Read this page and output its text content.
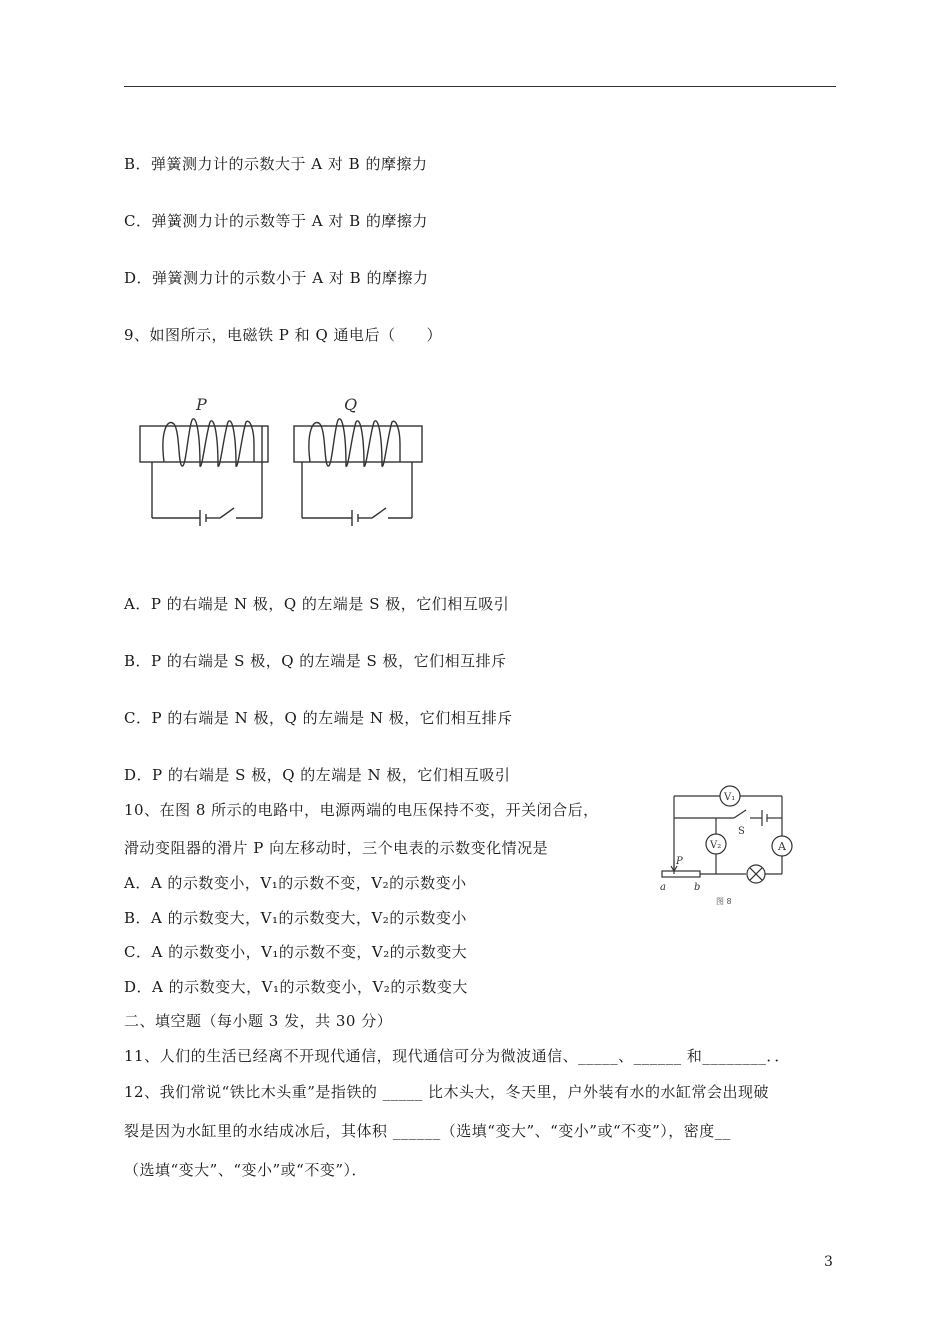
B．弹簧测力计的示数大于 A 对 B 的摩擦力
C．弹簧测力计的示数等于 A 对 B 的摩擦力
D．弹簧测力计的示数小于 A 对 B 的摩擦力
9、如图所示，电磁铁 P 和 Q 通电后（　　）
P	Q
A．P 的右端是 N 极，Q 的左端是 S 极，它们相互吸引
B．P 的右端是 S 极，Q 的左端是 S 极，它们相互排斥
C．P 的右端是 N 极，Q 的左端是 N 极，它们相互排斥
D．P 的右端是 S 极，Q 的左端是 N 极，它们相互吸引
10、在图 8 所示的电路中，电源两端的电压保持不变，开关闭合后，
滑动变阻器的滑片 P 向左移动时，三个电表的示数变化情况是
V₁
V₂	A
S
P
a	b
图 8
A．A 的示数变小，V₁的示数不变，V₂的示数变小
B．A 的示数变大，V₁的示数变大，V₂的示数变小
C．A 的示数变小，V₁的示数不变，V₂的示数变大
D．A 的示数变大，V₁的示数变小，V₂的示数变大
二、填空题（每小题 3 发，共 30 分）
11、人们的生活已经离不开现代通信，现代通信可分为微波通信、_____、______ 和________．．
12、我们常说“铁比木头重”是指铁的 _____ 比木头大，冬天里，户外装有水的水缸常会出现破
裂是因为水缸里的水结成冰后，其体积 ______（选填“变大”、“变小”或“不变”），密度__
（选填“变大”、“变小”或“不变”）．
3
